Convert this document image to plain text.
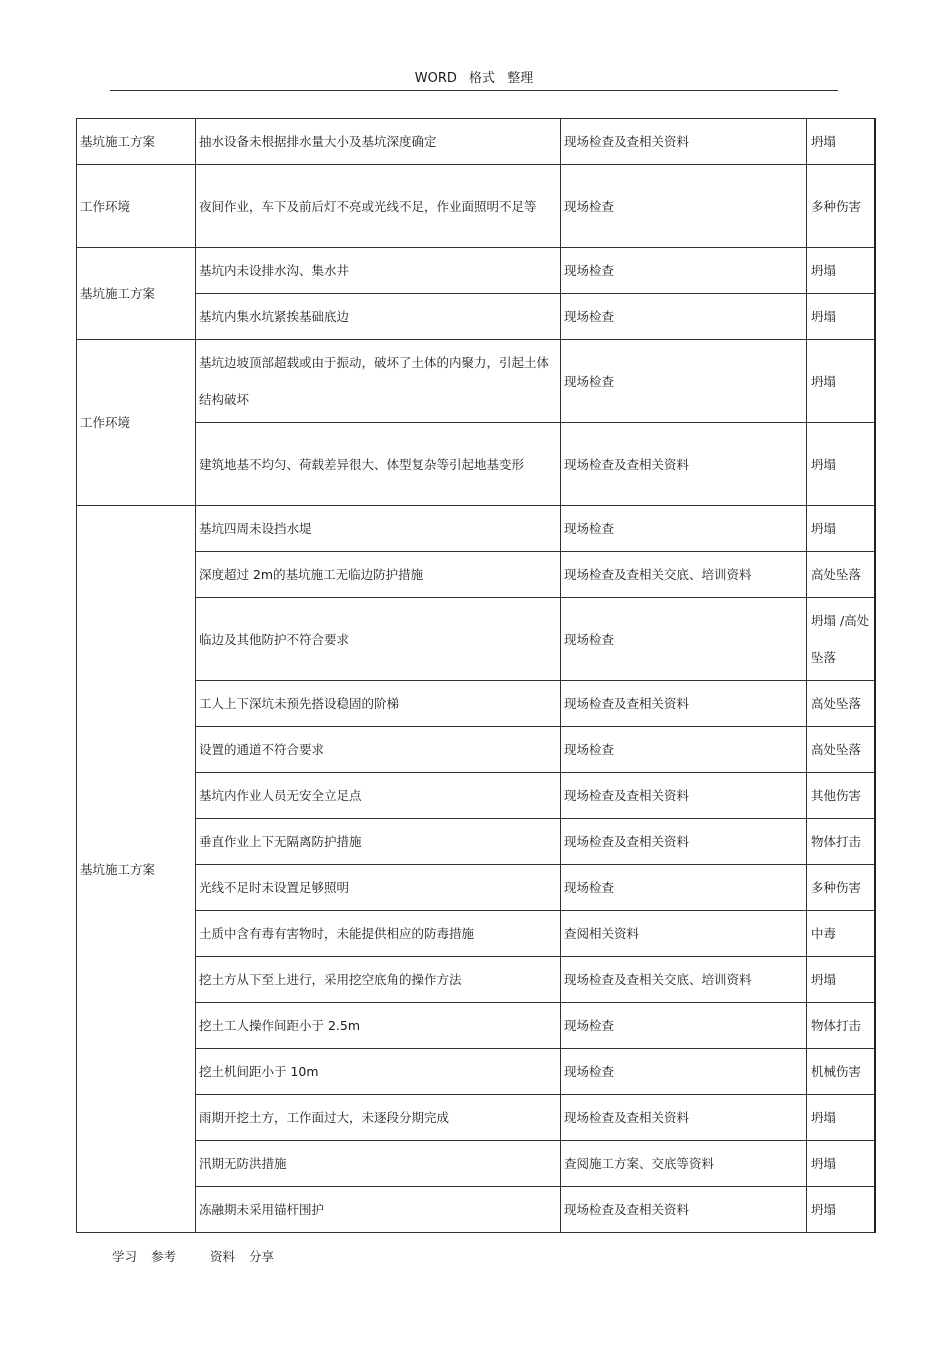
WORD 格式 整理
基坑施工方案	抽水设备未根据排水量大小及基坑深度确定	现场检查及查相关资料	坍塌
工作环境	夜间作业，车下及前后灯不亮或光线不足，作业面照明不足等	现场检查	多种伤害
基坑施工方案	基坑内未设排水沟、集水井	现场检查	坍塌
	基坑内集水坑紧挨基础底边	现场检查	坍塌
工作环境	基坑边坡顶部超载或由于振动，破坏了土体的内聚力，引起土体结构破坏	现场检查	坍塌
	建筑地基不均匀、荷载差异很大、体型复杂等引起地基变形	现场检查及查相关资料	坍塌
基坑施工方案	基坑四周未设挡水堤	现场检查	坍塌
	深度超过 2m的基坑施工无临边防护措施	现场检查及查相关交底、培训资料	高处坠落
	临边及其他防护不符合要求	现场检查	坍塌 /高处坠落
	工人上下深坑未预先搭设稳固的阶梯	现场检查及查相关资料	高处坠落
	设置的通道不符合要求	现场检查	高处坠落
	基坑内作业人员无安全立足点	现场检查及查相关资料	其他伤害
	垂直作业上下无隔离防护措施	现场检查及查相关资料	物体打击
	光线不足时未设置足够照明	现场检查	多种伤害
	土质中含有毒有害物时，未能提供相应的防毒措施	查阅相关资料	中毒
	挖土方从下至上进行，采用挖空底角的操作方法	现场检查及查相关交底、培训资料	坍塌
	挖土工人操作间距小于 2.5m	现场检查	物体打击
	挖土机间距小于 10m	现场检查	机械伤害
	雨期开挖土方，工作面过大，未逐段分期完成	现场检查及查相关资料	坍塌
	汛期无防洪措施	查阅施工方案、交底等资料	坍塌
	冻融期未采用锚杆围护	现场检查及查相关资料	坍塌
学习 参考	资料 分享
